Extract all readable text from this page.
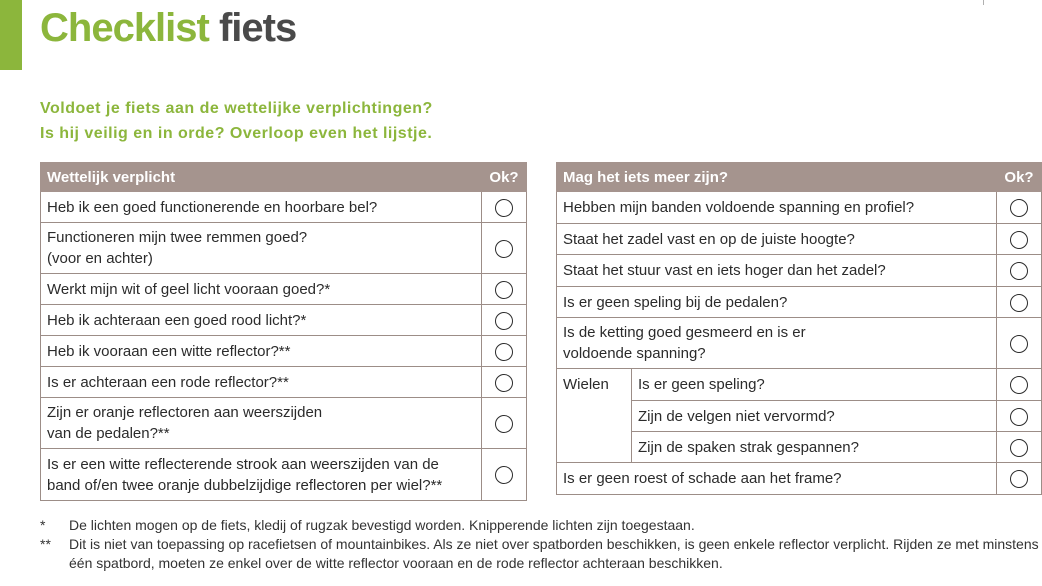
Checklist fiets
Voldoet je fiets aan de wettelijke verplichtingen?
Is hij veilig en in orde? Overloop even het lijstje.
Wettelijk verplicht	Ok?
Heb ik een goed functionerende en hoorbare bel?	

Functioneren mijn twee remmen goed?
(voor en achter)	

Werkt mijn wit of geel licht vooraan goed?*	
Heb ik achteraan een goed rood licht?*	
Heb ik vooraan een witte reflector?**	
Is er achteraan een rode reflector?**	

Zijn er oranje reflectoren aan weerszijden
van de pedalen?**	

Is er een witte reflecterende strook aan weerszijden van de
band of/en twee oranje dubbelzijdige reflectoren per wiel?**	

Mag het iets meer zijn?		Ok?
Hebben mijn banden voldoende spanning en profiel?		
Staat het zadel vast en op de juiste hoogte?		
Staat het stuur vast en iets hoger dan het zadel?		
Is er geen speling bij de pedalen?		

Is de ketting goed gesmeerd en is er
voldoende spanning?		

Wielen	Is er geen speling?	
	Zijn de velgen niet vervormd?	
	Zijn de spaken strak gespannen?	
Is er geen roest of schade aan het frame?		
*	De lichten mogen op de fiets, kledij of rugzak bevestigd worden. Knipperende lichten zijn toegestaan.
**	Dit is niet van toepassing op racefietsen of mountainbikes. Als ze niet over spatborden beschikken, is geen enkele reflector verplicht. Rijden ze met minstens één spatbord, moeten ze enkel over de witte reflector vooraan en de rode reflector achteraan beschikken.
